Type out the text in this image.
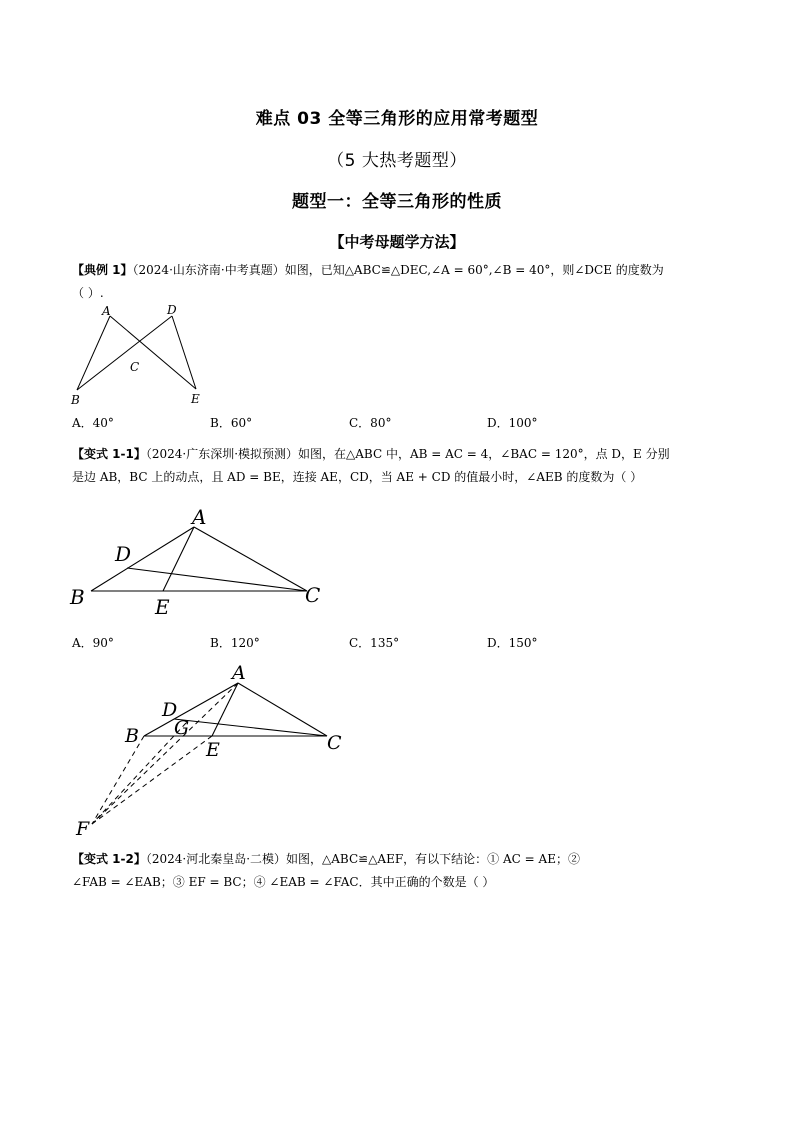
难点 03 全等三角形的应用常考题型
（5 大热考题型）
题型一：全等三角形的性质
【中考母题学方法】
【典例 1】（2024·山东济南·中考真题）如图，已知△ABC≌△DEC,∠A = 60°,∠B = 40°，则∠DCE 的度数为
（ ）.
A	D
C
B	E
A．40°	B．60°	C．80°	D．100°
【变式 1-1】（2024·广东深圳·模拟预测）如图，在△ABC 中，AB = AC = 4，∠BAC = 120°，点 D，E 分别
是边 AB，BC 上的动点，且 AD = BE，连接 AE，CD，当 AE + CD 的值最小时，∠AEB 的度数为（ ）
A
D
B	E	C
A．90°	B．120°	C．135°	D．150°
A
D
G
B
E	C
F
【变式 1-2】（2024·河北秦皇岛·二模）如图，△ABC≌△AEF，有以下结论：① AC = AE；②
∠FAB = ∠EAB；③ EF = BC；④ ∠EAB = ∠FAC．其中正确的个数是（ ）
